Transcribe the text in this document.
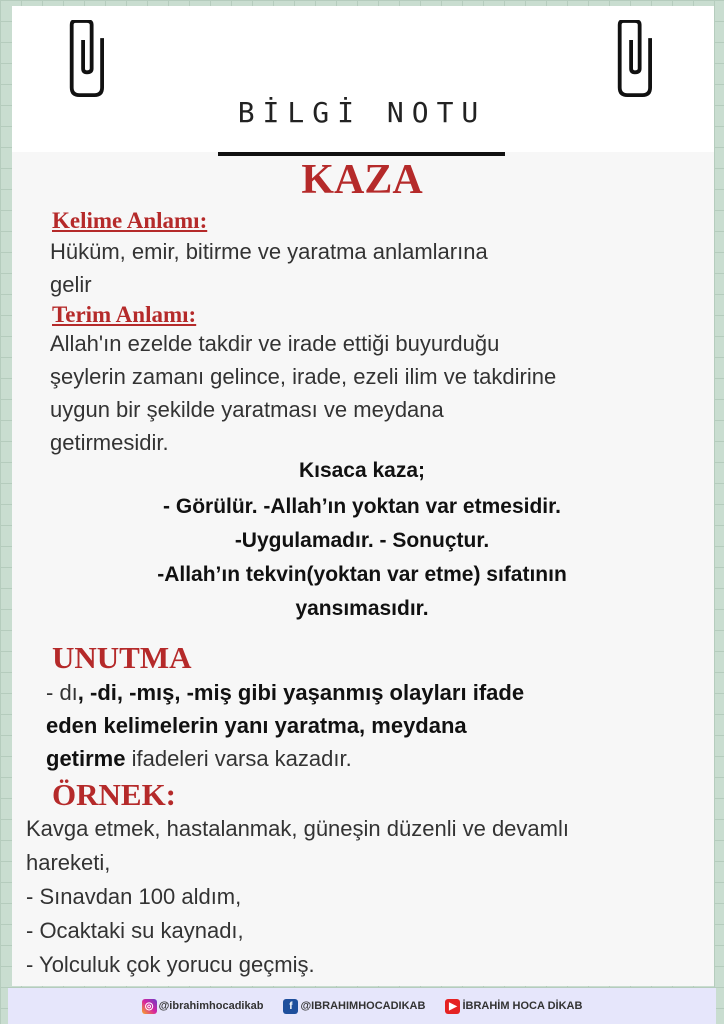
BİLGİ NOTU
KAZA
Kelime Anlamı:
Hüküm, emir, bitirme ve yaratma anlamlarına
gelir
Terim Anlamı:
Allah'ın ezelde takdir ve irade ettiği buyurduğu
şeylerin zamanı gelince, irade, ezeli ilim ve takdirine
uygun bir şekilde yaratması ve meydana
getirmesidir.
Kısaca kaza;
- Görülür. -Allah’ın yoktan var etmesidir.
-Uygulamadır. - Sonuçtur.
-Allah’ın tekvin(yoktan var etme) sıfatının
yansımasıdır.
UNUTMA
- dı, -di, -mış, -miş gibi yaşanmış olayları ifade
eden kelimelerin yanı yaratma, meydana
getirme ifadeleri varsa kazadır.
ÖRNEK:
Kavga etmek, hastalanmak, güneşin düzenli ve devamlı
hareketi,
- Sınavdan 100 aldım,
- Ocaktaki su kaynadı,
- Yolculuk çok yorucu geçmiş.
◎ @ibrahimhocadikab	f @IBRAHIMHOCADIKAB	▶ İBRAHİM HOCA DİKAB
